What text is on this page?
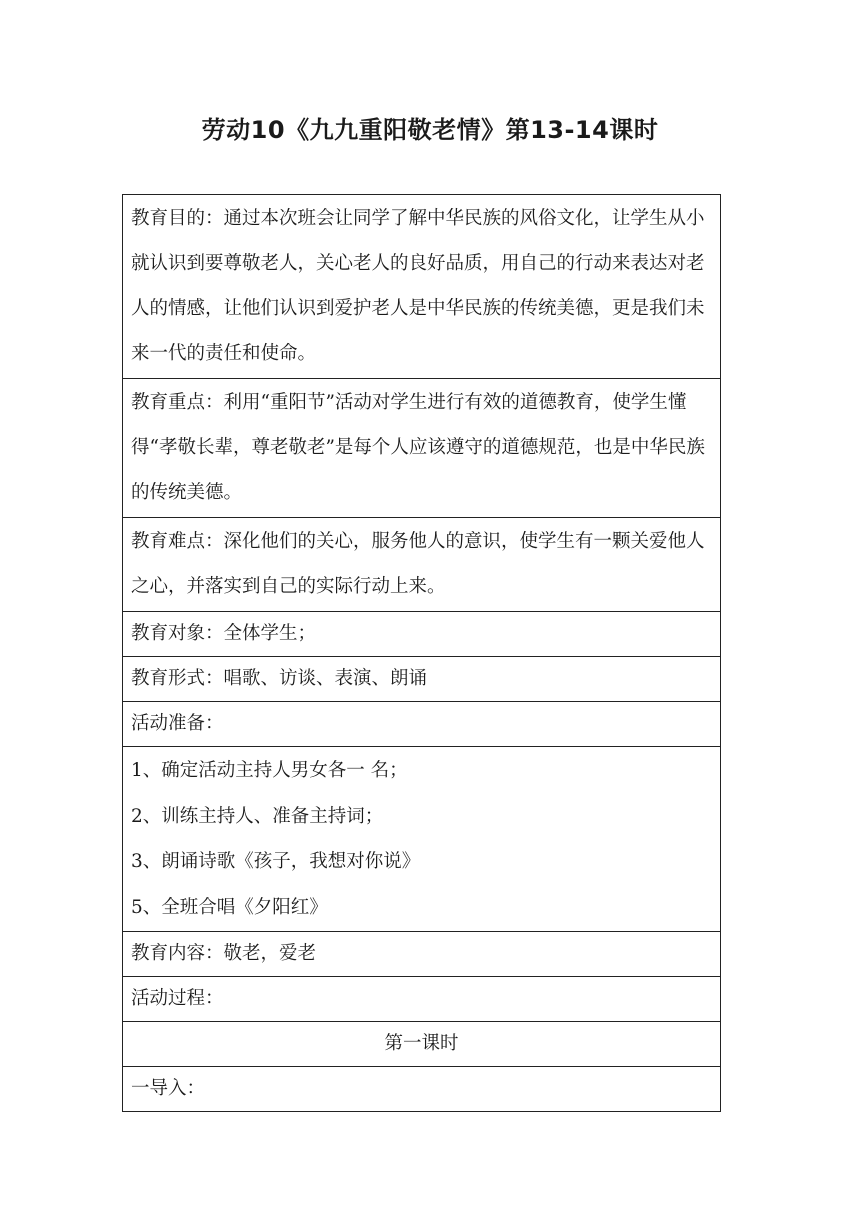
劳动10《九九重阳敬老情》第13-14课时
教育目的：通过本次班会让同学了解中华民族的风俗文化，让学生从小就认识到要尊敬老人，关心老人的良好品质，用自己的行动来表达对老人的情感，让他们认识到爱护老人是中华民族的传统美德，更是我们未来一代的责任和使命。
教育重点：利用“重阳节”活动对学生进行有效的道德教育，使学生懂得“孝敬长辈，尊老敬老”是每个人应该遵守的道德规范，也是中华民族的传统美德。
教育难点：深化他们的关心，服务他人的意识，使学生有一颗关爱他人之心，并落实到自己的实际行动上来。
教育对象：全体学生；
教育形式：唱歌、访谈、表演、朗诵
活动准备：

1、确定活动主持人男女各一 名；
2、训练主持人、准备主持词；
3、朗诵诗歌《孩子，我想对你说》
5、全班合唱《夕阳红》

教育内容：敬老，爱老
活动过程：
第一课时
一导入：
